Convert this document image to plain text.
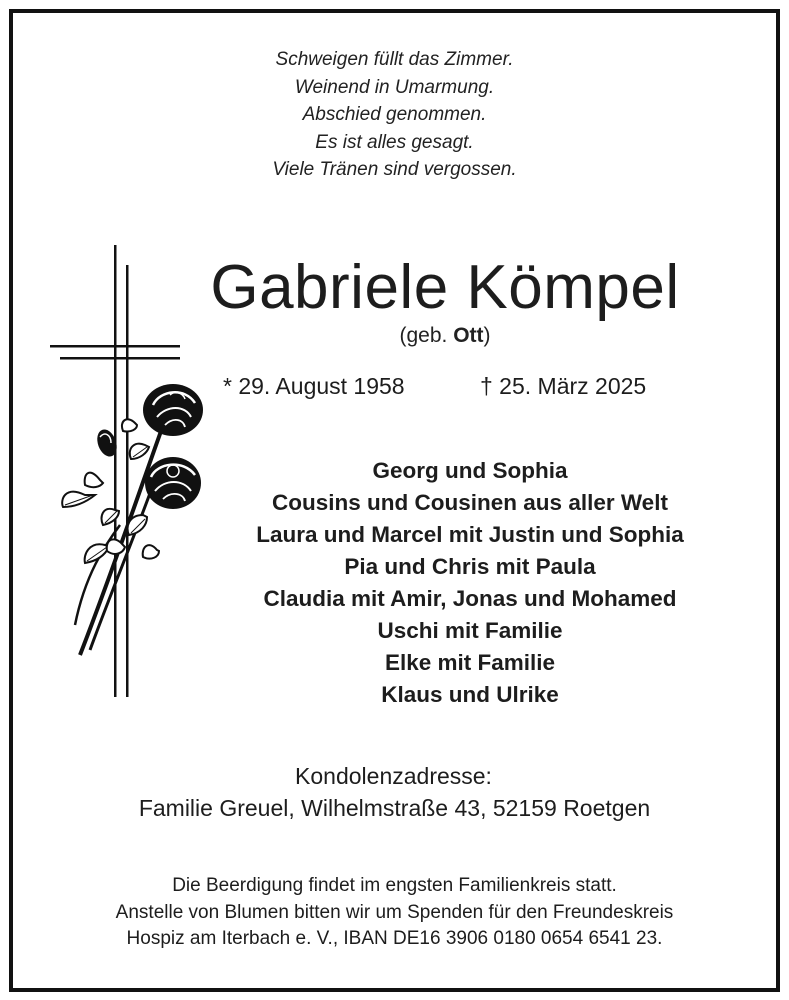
Schweigen füllt das Zimmer.
Weinend in Umarmung.
Abschied genommen.
Es ist alles gesagt.
Viele Tränen sind vergossen.
Gabriele Kömpel
(geb. Ott)
* 29. August 1958	† 25. März 2025
Georg und Sophia
Cousins und Cousinen aus aller Welt
Laura und Marcel mit Justin und Sophia
Pia und Chris mit Paula
Claudia mit Amir, Jonas und Mohamed
Uschi mit Familie
Elke mit Familie
Klaus und Ulrike
Kondolenzadresse:
Familie Greuel, Wilhelmstraße 43, 52159 Roetgen
Die Beerdigung findet im engsten Familienkreis statt.
Anstelle von Blumen bitten wir um Spenden für den Freundeskreis
Hospiz am Iterbach e. V., IBAN DE16 3906 0180 0654 6541 23.
